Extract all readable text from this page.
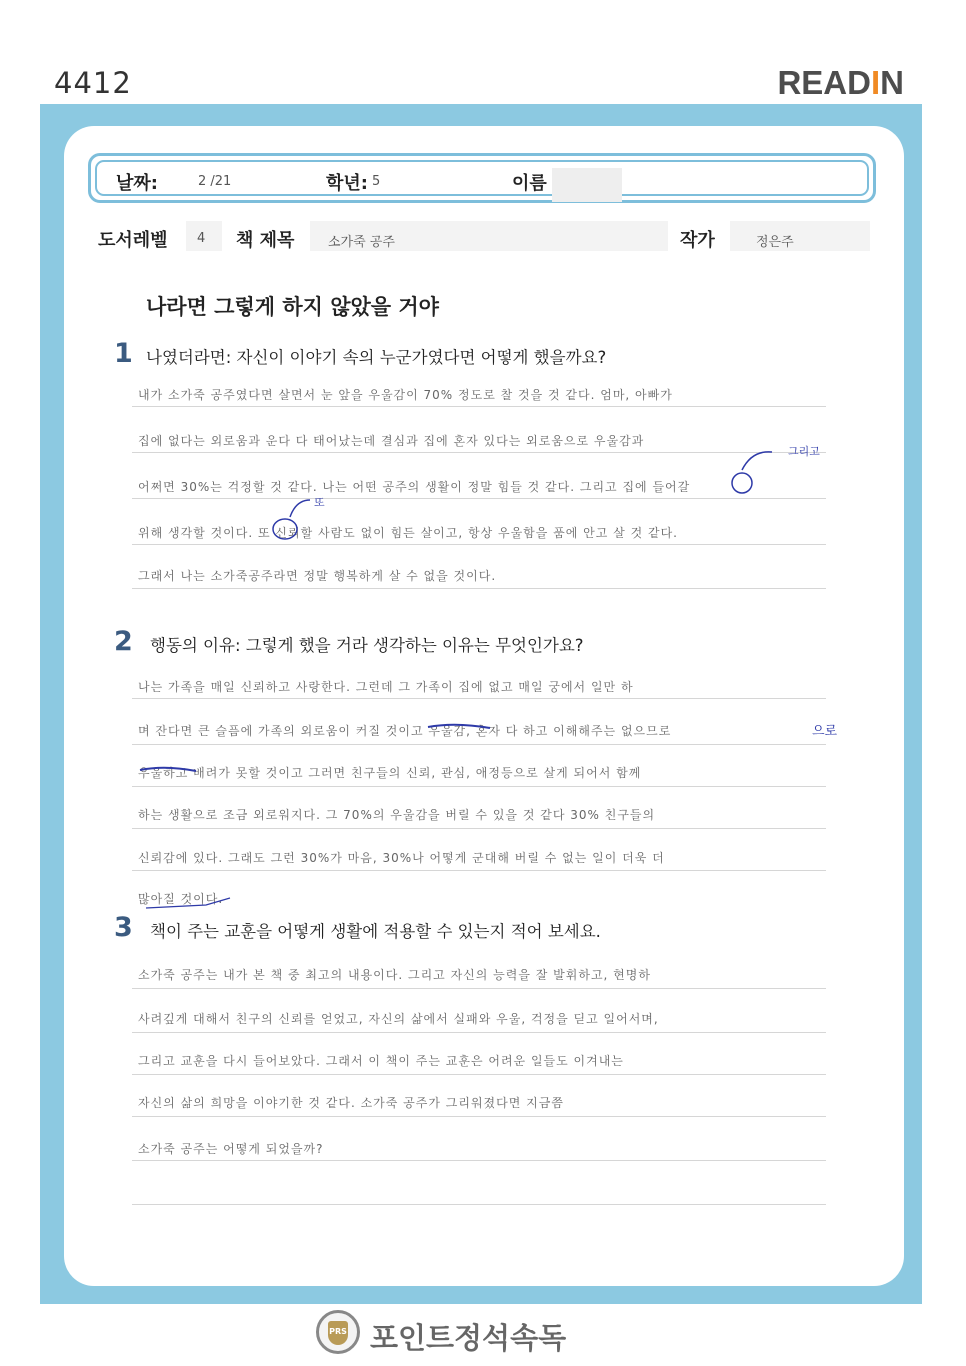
4412	READIN
날짜:	2 /21	학년: 5	이름
도서레벨 4 책 제목	소가죽 공주	작가	정은주
나라면 그렇게 하지 않았을 거야
1 나였더라면: 자신이 이야기 속의 누군가였다면 어떻게 했을까요?
내가 소가죽 공주였다면 살면서 눈 앞을 우울감이 70% 정도로 찰 것을 것 같다. 엄마, 아빠가
집에 없다는 외로움과 운다 다 태어났는데 결심과 집에 혼자 있다는 외로움으로 우울감과
어쩌면 30%는 걱정할 것 같다. 나는 어떤 공주의 생활이 정말 힘들 것 같다. 그리고 집에 들어갈
위해 생각할 것이다. 또 신뢰할 사람도 없이 힘든 살이고, 항상 우울함을 품에 안고 살 것 같다.
그래서 나는 소가죽공주라면 정말 행복하게 살 수 없을 것이다.
그리고
또
2 행동의 이유: 그렇게 했을 거라 생각하는 이유는 무엇인가요?
나는 가족을 매일 신뢰하고 사랑한다. 그런데 그 가족이 집에 없고 매일 궁에서 일만 하
며 잔다면 큰 슬픔에 가족의 외로움이 커질 것이고 우울감, 혼자 다 하고 이해해주는 없으므로
우울하고 배려가 못할 것이고 그러면 친구들의 신뢰, 관심, 애정등으로 살게 되어서 함께
하는 생활으로 조금 외로워지다. 그 70%의 우울감을 버릴 수 있을 것 같다 30% 친구들의
신뢰감에 있다. 그래도 그런 30%가 마음, 30%나 어떻게 군대해 버릴 수 없는 일이 더욱 더
많아질 것이다.
으로
3 책이 주는 교훈을 어떻게 생활에 적용할 수 있는지 적어 보세요.
소가죽 공주는 내가 본 책 중 최고의 내용이다. 그리고 자신의 능력을 잘 발휘하고, 현명하
사려깊게 대해서 친구의 신뢰를 얻었고, 자신의 삶에서 실패와 우울, 걱정을 딛고 일어서며,
그리고 교훈을 다시 들어보았다. 그래서 이 책이 주는 교훈은 어려운 일들도 이겨내는
자신의 삶의 희망을 이야기한 것 같다. 소가죽 공주가 그리워졌다면 지금쯤
소가죽 공주는 어떻게 되었을까?
PRS 포인트정석속독
